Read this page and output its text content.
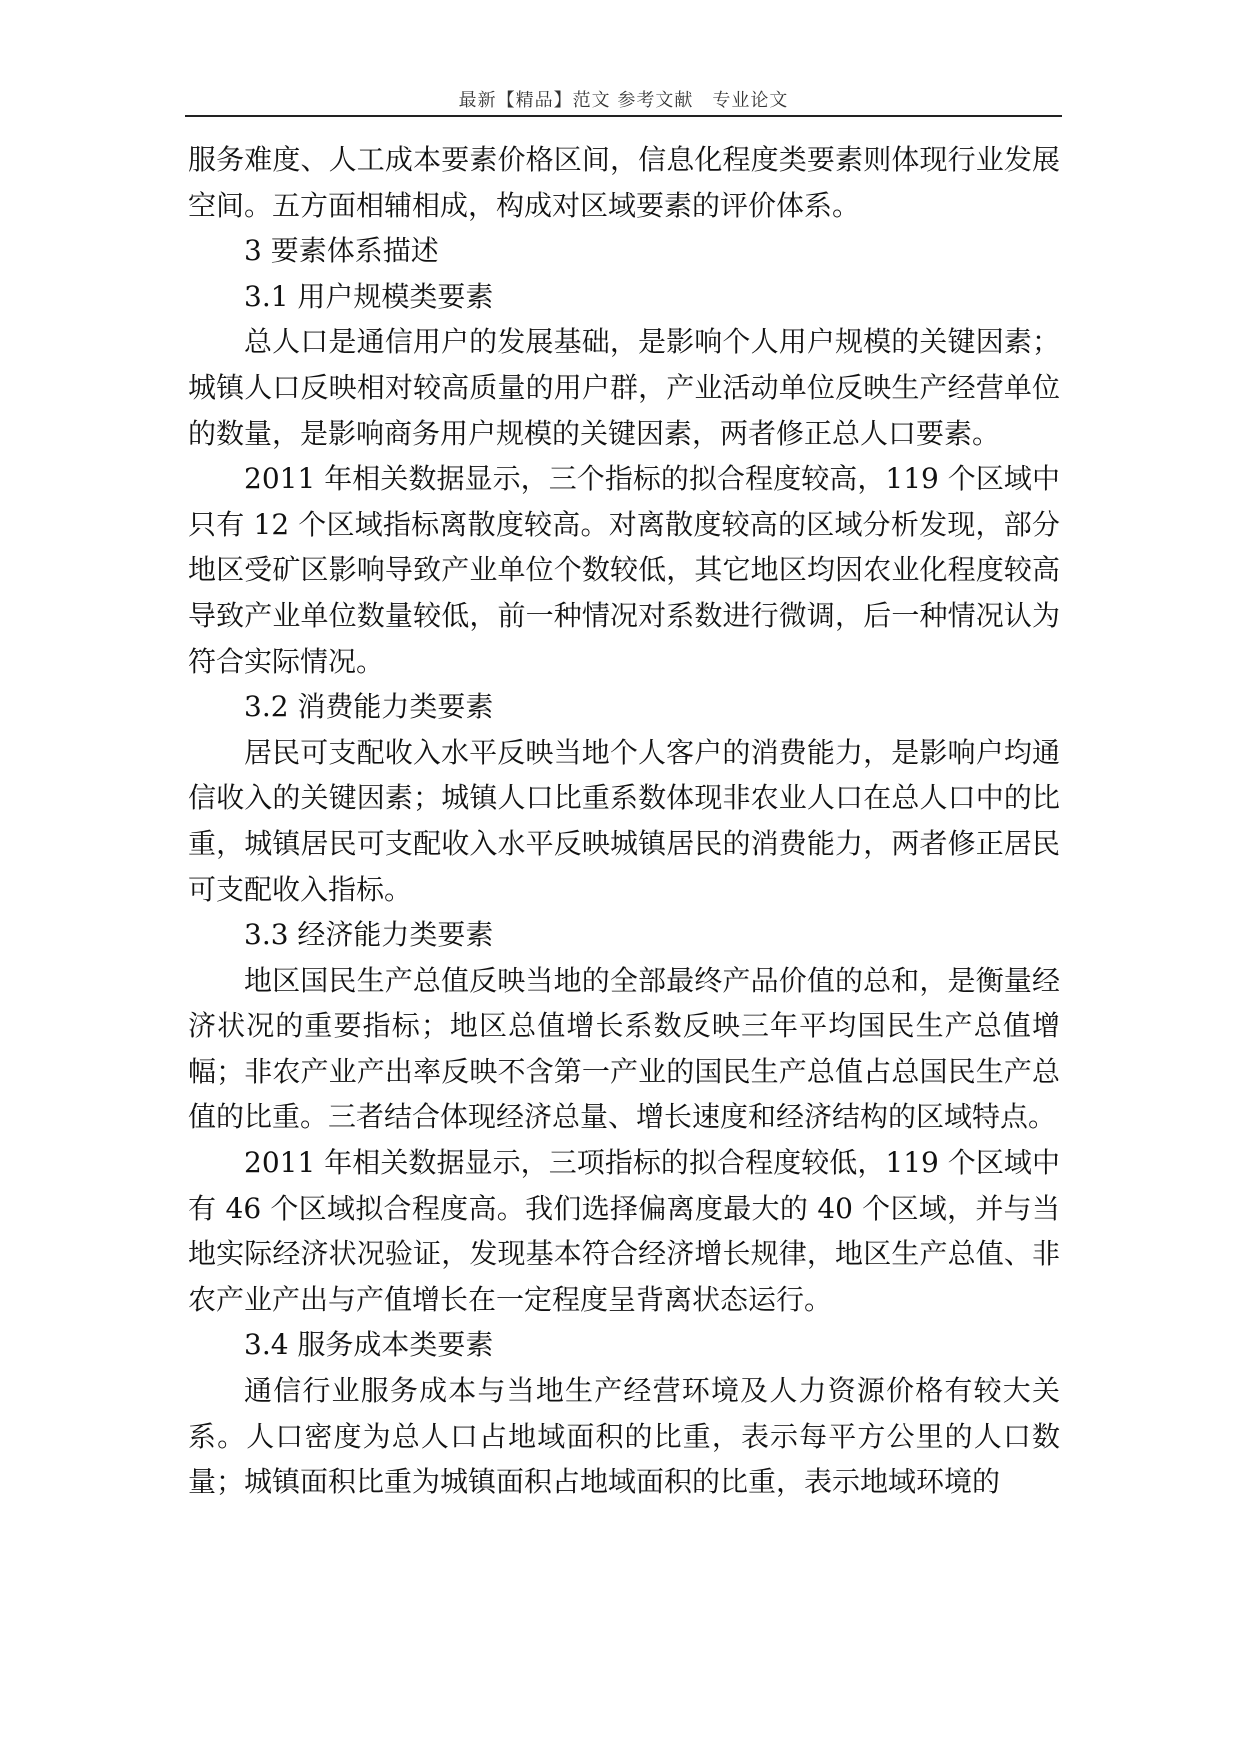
最新【精品】范文 参考文献　专业论文

服务难度、人工成本要素价格区间，信息化程度类要素则体现行业发展空间。五方面相辅相成，构成对区域要素的评价体系。

3 要素体系描述

3.1 用户规模类要素

总人口是通信用户的发展基础，是影响个人用户规模的关键因素；城镇人口反映相对较高质量的用户群，产业活动单位反映生产经营单位的数量，是影响商务用户规模的关键因素，两者修正总人口要素。

2011 年相关数据显示，三个指标的拟合程度较高，119 个区域中只有 12 个区域指标离散度较高。对离散度较高的区域分析发现，部分地区受矿区影响导致产业单位个数较低，其它地区均因农业化程度较高导致产业单位数量较低，前一种情况对系数进行微调，后一种情况认为符合实际情况。

3.2 消费能力类要素

居民可支配收入水平反映当地个人客户的消费能力，是影响户均通信收入的关键因素；城镇人口比重系数体现非农业人口在总人口中的比重，城镇居民可支配收入水平反映城镇居民的消费能力，两者修正居民可支配收入指标。

3.3 经济能力类要素

地区国民生产总值反映当地的全部最终产品价值的总和，是衡量经济状况的重要指标；地区总值增长系数反映三年平均国民生产总值增幅；非农产业产出率反映不含第一产业的国民生产总值占总国民生产总值的比重。三者结合体现经济总量、增长速度和经济结构的区域特点。

2011 年相关数据显示，三项指标的拟合程度较低，119 个区域中有 46 个区域拟合程度高。我们选择偏离度最大的 40 个区域，并与当地实际经济状况验证，发现基本符合经济增长规律，地区生产总值、非农产业产出与产值增长在一定程度呈背离状态运行。

3.4 服务成本类要素

通信行业服务成本与当地生产经营环境及人力资源价格有较大关系。人口密度为总人口占地域面积的比重，表示每平方公里的人口数量；城镇面积比重为城镇面积占地域面积的比重，表示地域环境的
